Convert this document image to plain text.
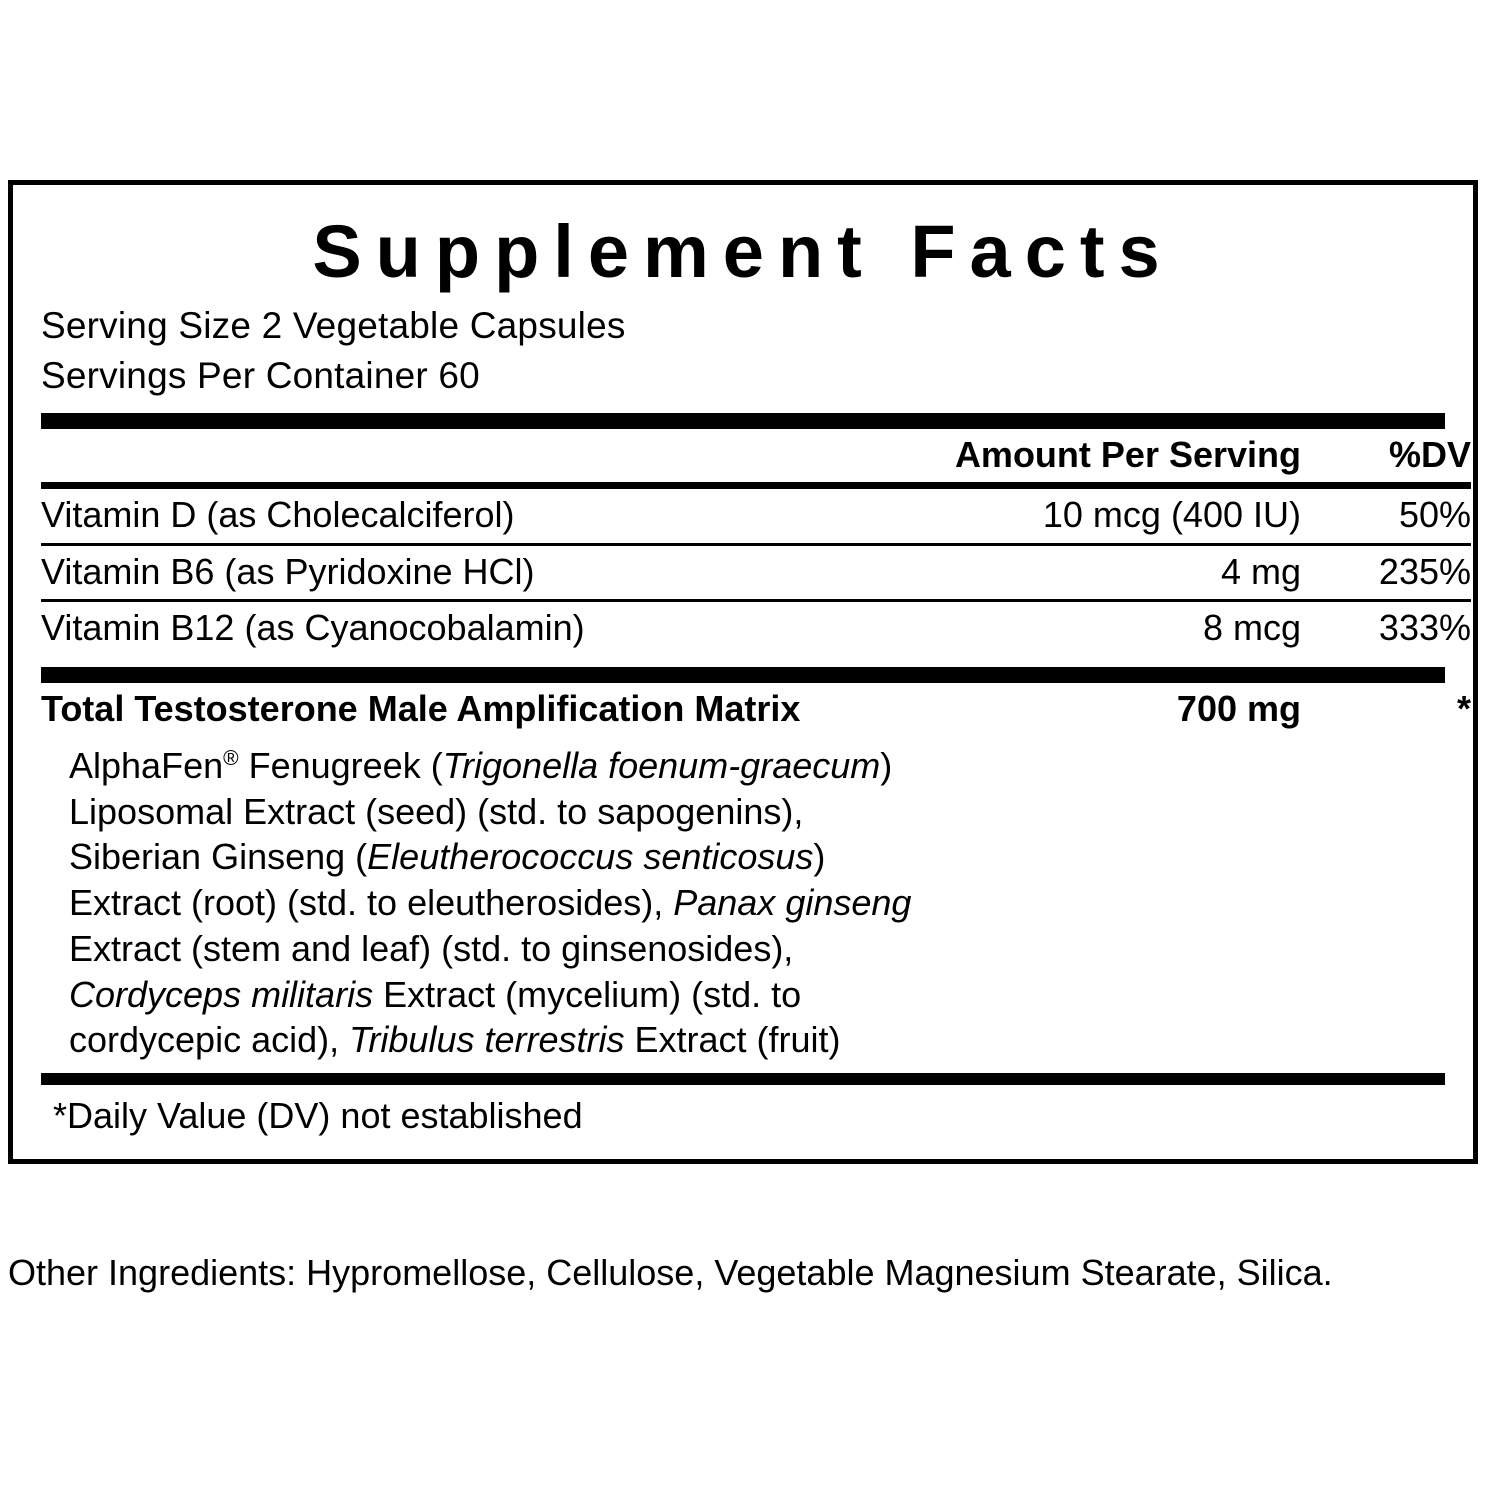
Supplement Facts
Serving Size 2 Vegetable Capsules
Servings Per Container 60
	Amount Per Serving	%DV

Vitamin D (as Cholecalciferol)	10 mcg (400 IU)	50%

Vitamin B6 (as Pyridoxine HCl)	4 mg	235%

Vitamin B12 (as Cyanocobalamin)	8 mcg	333%
Total Testosterone Male Amplification Matrix	700 mg	*
AlphaFen® Fenugreek (Trigonella foenum-graecum)
Liposomal Extract (seed) (std. to sapogenins),
Siberian Ginseng (Eleutherococcus senticosus)
Extract (root) (std. to eleutherosides), Panax ginseng
Extract (stem and leaf) (std. to ginsenosides),
Cordyceps militaris Extract (mycelium) (std. to
cordycepic acid), Tribulus terrestris Extract (fruit)
*Daily Value (DV) not established
Other Ingredients: Hypromellose, Cellulose, Vegetable Magnesium Stearate, Silica.
